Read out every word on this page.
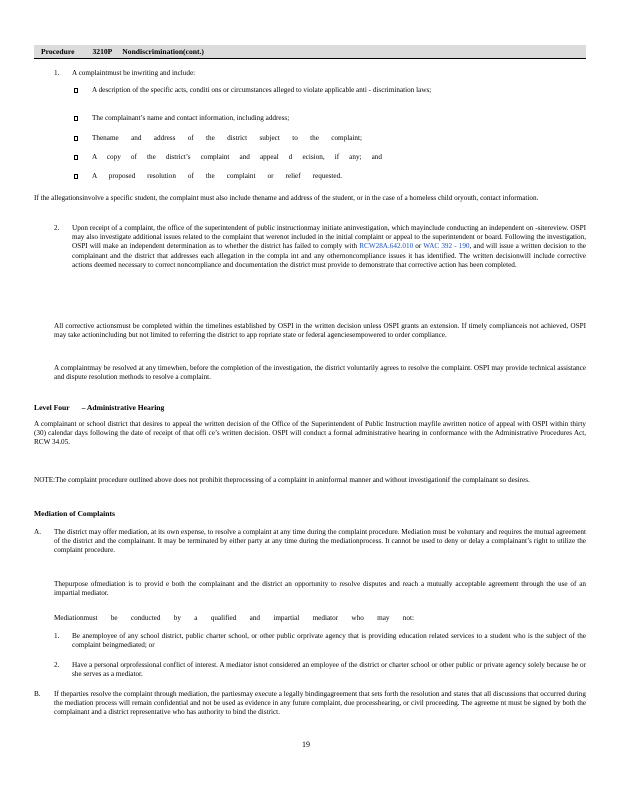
Procedure 3210P Nondiscrimination(cont.)
1. A complaintmust be inwriting and include:
A description of the specific acts, conditi ons or circumstances alleged to violate applicable anti - discrimination laws;
The complainant’s name and contact information, including address;
Thename and address of the district subject to the complaint;
A copy of the district’s complaint and appeal d ecision, if any; and
A proposed resolution of the complaint or relief requested.
If the allegationsinvolve a specific student, the complaint must also include thename and address of the student, or in the case of a homeless child oryouth, contact information.
2. Upon receipt of a complaint, the office of the superintendent of public instructionmay initiate aninvestigation, which mayinclude conducting an independent on -sitereview. OSPI may also investigate additional issues related to the complaint that werenot included in the initial complaint or appeal to the superintendent or board. Following the investigation, OSPI will make an independent determination as to whether the district has failed to comply with RCW28A.642.010 or WAC 392 - 190, and will issue a written decision to the complainant and the district that addresses each allegation in the compla int and any othernoncompliance issues it has identified. The written decisionwill include corrective actions deemed necessary to correct noncompliance and documentation the district must provide to demonstrate that corrective action has been completed.
All corrective actionsmust be completed within the timelines established by OSPI in the written decision unless OSPI grants an extension. If timely compliancеis not achieved, OSPI may take actionincluding but not limited to referring the district to app ropriate state or federal agenciesempowered to order compliance.
A complaintmay be resolved at any timewhen, before the completion of the investigation, the district voluntarily agrees to resolve the complaint. OSPI may provide technical assistance and dispute resolution methods to resolve a complaint.
Level Four – Administrative Hearing
A complainant or school district that desires to appeal the written decision of the Office of the Superintendent of Public Instruction mayfile awritten notice of appeal with OSPI within thirty (30) calendar days following the date of receipt of that offi ce’s written decision. OSPI will conduct a formal administrative hearing in conformance with the Administrative Procedures Act, RCW 34.05.
NOTE:The complaint procedure outlined above does not prohibit theprocessing of a complaint in aninformal manner and without investigationif the complainant so desires.
Mediation of Complaints
A. The district may offer mediation, at its own expense, to resolve a complaint at any time during the complaint procedure. Mediation must be voluntary and requires the mutual agreement of the district and the complainant. It may be terminated by either party at any time during the mediationprocess. It cannot be used to deny or delay a complainant’s right to utilize the complaint procedure.
Thepurpose ofmediation is to provid e both the complainant and the district an opportunity to resolve disputes and reach a mutually acceptable agreement through the use of an impartial mediator.
Mediationmust be conducted by a qualified and impartial mediator who may not:
1. Be anemployee of any school district, public charter school, or other public orprivate agency that is providing education related services to a student who is the subject of the complaint beingmediated; or
2. Have a personal orprofessional conflict of interest. A mediator isnot considered an employee of the district or charter school or other public or private agency solely because he or she serves as a mediator.
B. If theparties resolve the complaint through mediation, the partiesmay execute a legally bindingagreement that sets forth the resolution and states that all discussions that occurred during the mediation process will remain confidential and not be used as evidence in any future complaint, due processhearing, or civil proceeding. The agreeme nt must be signed by both the complainant and a district representative who has authority to bind the district.
19
